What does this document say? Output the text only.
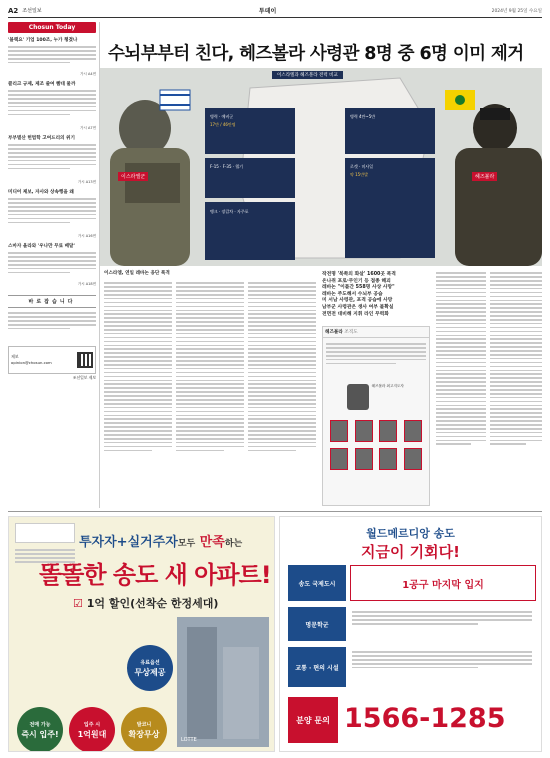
A2 조선일보	투데이	2024년 9월 25일 수요일
Chosun Today
'블랙요' 기업 100조, 누가 챙겼나
가시 A4면
클리크 규제, 제조 줄여 뺨대 물까
가시 A7면
부부별산 헌법학 고여드리의 위기
가시 A13면
미디어 제보, 자사와 상속행을 왜
가시 A16면
스마자 올라와 '우나만 무료 배달'
가시 A18면
바로잡습니다
제보
opinion@chosun.com
조선일보 제보
수뇌부부터 친다, 헤즈볼라 사령관 8명 중 6명 이미 제거
병력 · 예비군
17만 / 46만명
F-15 · F-35 · 헬기
탱크 · 장갑차 · 자주포
병력 4만~5만
로켓 · 미사일
약 15만발
이스라엘과 헤즈볼라 전력 비교
이스라엘군	헤즈볼라
이스라엘, 연일 레바논 융단 폭격	작전명 '북쪽의 화살' 1600곳 폭격
온나쥐 포로·무인기 등 접종 해괴
레바논 "이틀간 558명 사상 사망"
레바논 주도해서 수뇌부 공습
미 서남 사령관, 포격 공습에 사망
남부군 사령관은 생사 여부 불확실
전면전 대비해 지휘 라인 무력화
헤즈볼라 조직도
헤즈볼라 최고지도자
투자자+실거주자모두 만족하는
똘똘한 송도 새 아파트!
☑ 1억 할인(선착순 한정세대)
LOTTE
전매 가능
즉시 입주!
입주 시
1억원대
발코니
확장무상
유료옵션
무상제공
월드메르디앙 송도
지금이 기회다!
송도 국제도시	1공구 마지막 입지
명문학군
교통 · 편의 시설
분양 문의 1566-1285
